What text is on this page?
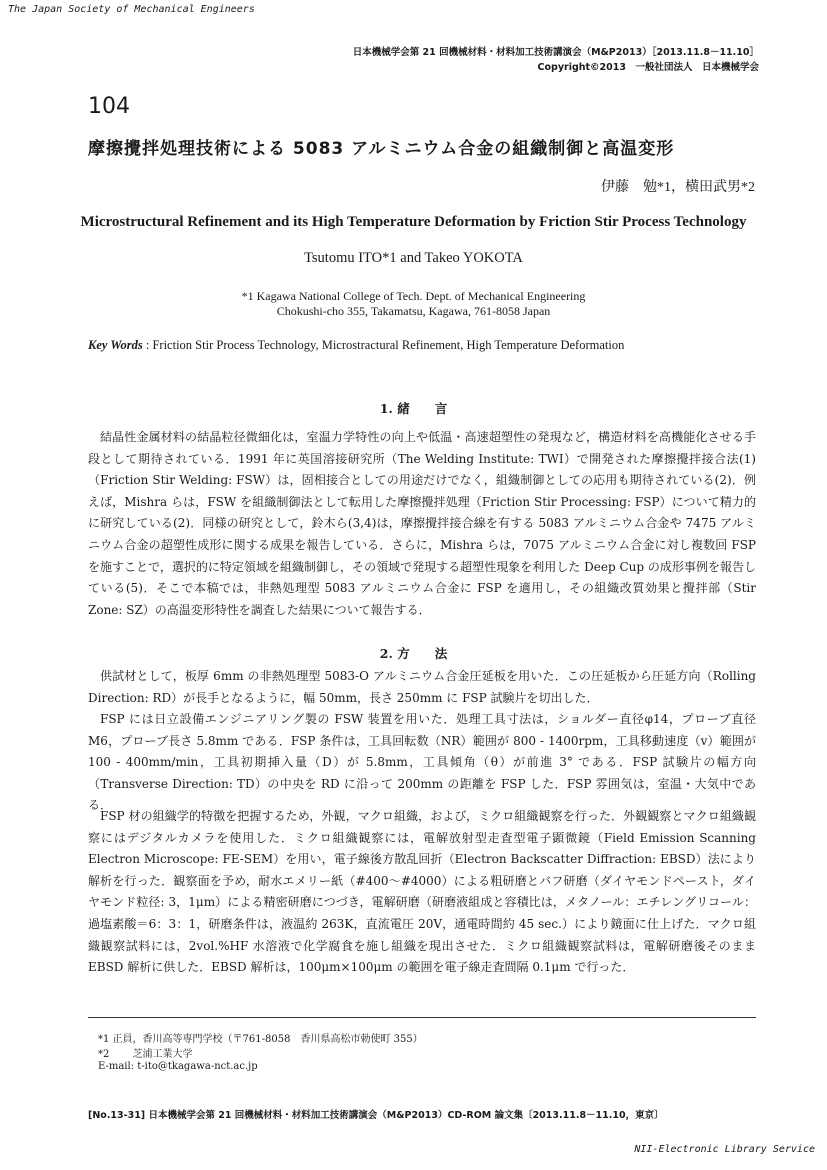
The Japan Society of Mechanical Engineers
日本機械学会第 21 回機械材料・材料加工技術講演会（M&P2013）［2013.11.8－11.10］
Copyright©2013　一般社団法人　日本機械学会
104
摩擦攪拌処理技術による 5083 アルミニウム合金の組織制御と高温変形
伊藤　勉*1，横田武男*2
Microstructural Refinement and its High Temperature Deformation by Friction Stir Process Technology
Tsutomu ITO*1 and Takeo YOKOTA
*1 Kagawa National College of Tech. Dept. of Mechanical Engineering
Chokushi-cho 355, Takamatsu, Kagawa, 761-8058 Japan
Key Words : Friction Stir Process Technology, Microstractural Refinement, High Temperature Deformation
1. 緒　　言
結晶性金属材料の結晶粒径微細化は，室温力学特性の向上や低温・高速超塑性の発現など，構造材料を高機能化させる手段として期待されている．1991 年に英国溶接研究所（The Welding Institute: TWI）で開発された摩擦攪拌接合法(1)（Friction Stir Welding: FSW）は，固相接合としての用途だけでなく，組織制御としての応用も期待されている(2)．例えば，Mishra らは，FSW を組織制御法として転用した摩擦攪拌処理（Friction Stir Processing: FSP）について精力的に研究している(2)．同様の研究として，鈴木ら(3,4)は，摩擦攪拌接合線を有する 5083 アルミニウム合金や 7475 アルミニウム合金の超塑性成形に関する成果を報告している．さらに，Mishra らは，7075 アルミニウム合金に対し複数回 FSP を施すことで，選択的に特定領域を組織制御し，その領域で発現する超塑性現象を利用した Deep Cup の成形事例を報告している(5)．そこで本稿では，非熱処理型 5083 アルミニウム合金に FSP を適用し，その組織改質効果と攪拌部（Stir Zone: SZ）の高温変形特性を調査した結果について報告する．
2. 方　　法
供試材として，板厚 6mm の非熱処理型 5083-O アルミニウム合金圧延板を用いた．この圧延板から圧延方向（Rolling Direction: RD）が長手となるように，幅 50mm，長さ 250mm に FSP 試験片を切出した．
FSP には日立設備エンジニアリング製の FSW 装置を用いた．処理工具寸法は，ショルダー直径φ14，プローブ直径 M6，プローブ長さ 5.8mm である．FSP 条件は，工具回転数（NR）範囲が 800 - 1400rpm，工具移動速度（v）範囲が 100 - 400mm/min，工具初期挿入量（D）が 5.8mm，工具傾角（θ）が前進 3° である．FSP 試験片の幅方向（Transverse Direction: TD）の中央を RD に沿って 200mm の距離を FSP した．FSP 雰囲気は，室温・大気中である．
FSP 材の組織学的特徴を把握するため，外観，マクロ組織，および，ミクロ組織観察を行った．外観観察とマクロ組織観察にはデジタルカメラを使用した．ミクロ組織観察には，電解放射型走査型電子顕微鏡（Field Emission Scanning Electron Microscope: FE-SEM）を用い，電子線後方散乱回折（Electron Backscatter Diffraction: EBSD）法により解析を行った．観察面を予め，耐水エメリー紙（#400～#4000）による粗研磨とバフ研磨（ダイヤモンドペースト，ダイヤモンド粒径: 3，1μm）による精密研磨につづき，電解研磨（研磨液組成と容積比は，メタノール：エチレングリコール：過塩素酸＝6：3：1，研磨条件は，液温約 263K，直流電圧 20V，通電時間約 45 sec.）により鏡面に仕上げた．マクロ組織観察試料には，2vol.%HF 水溶液で化学腐食を施し組織を現出させた．ミクロ組織観察試料は，電解研磨後そのまま EBSD 解析に供した．EBSD 解析は，100μm×100μm の範囲を電子線走査間隔 0.1μm で行った．
*1 正員，香川高等専門学校（〒761-8058　香川県高松市勅使町 355）
*2 　　芝浦工業大学
E-mail: t-ito@tkagawa-nct.ac.jp
[No.13-31] 日本機械学会第 21 回機械材料・材料加工技術講演会（M&P2013）CD-ROM 論文集〔2013.11.8－11.10，東京〕
NII-Electronic Library Service
